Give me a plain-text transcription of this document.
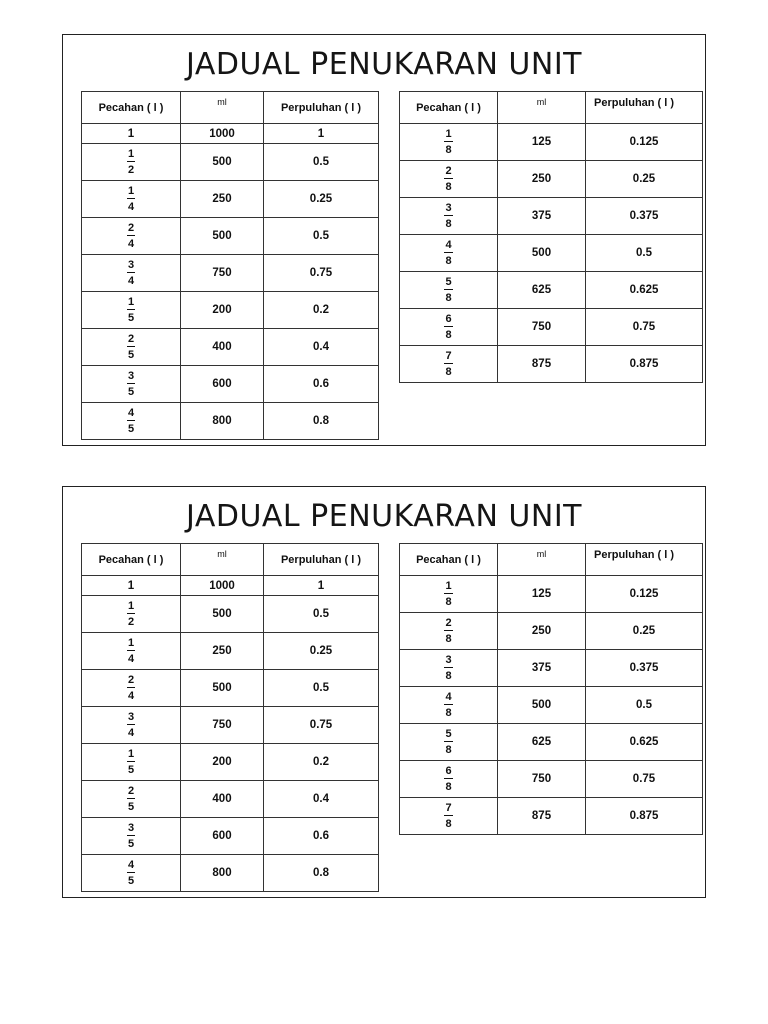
JADUAL PENUKARAN UNIT
Pecahan ( l )	ml	Perpuluhan ( l )
1	1000	1

$\frac{1}{2}$	500	0.5

$\frac{1}{4}$	250	0.25

$\frac{2}{4}$	500	0.5

$\frac{3}{4}$	750	0.75

$\frac{1}{5}$	200	0.2

$\frac{2}{5}$	400	0.4

$\frac{3}{5}$	600	0.6

$\frac{4}{5}$	800	0.8
Pecahan ( l )	ml	Perpuluhan ( l )

$\frac{1}{8}$	125	0.125

$\frac{2}{8}$	250	0.25

$\frac{3}{8}$	375	0.375

$\frac{4}{8}$	500	0.5

$\frac{5}{8}$	625	0.625

$\frac{6}{8}$	750	0.75

$\frac{7}{8}$	875	0.875
JADUAL PENUKARAN UNIT
Pecahan ( l )	ml	Perpuluhan ( l )
1	1000	1

$\frac{1}{2}$	500	0.5

$\frac{1}{4}$	250	0.25

$\frac{2}{4}$	500	0.5

$\frac{3}{4}$	750	0.75

$\frac{1}{5}$	200	0.2

$\frac{2}{5}$	400	0.4

$\frac{3}{5}$	600	0.6

$\frac{4}{5}$	800	0.8
Pecahan ( l )	ml	Perpuluhan ( l )

$\frac{1}{8}$	125	0.125

$\frac{2}{8}$	250	0.25

$\frac{3}{8}$	375	0.375

$\frac{4}{8}$	500	0.5

$\frac{5}{8}$	625	0.625

$\frac{6}{8}$	750	0.75

$\frac{7}{8}$	875	0.875
